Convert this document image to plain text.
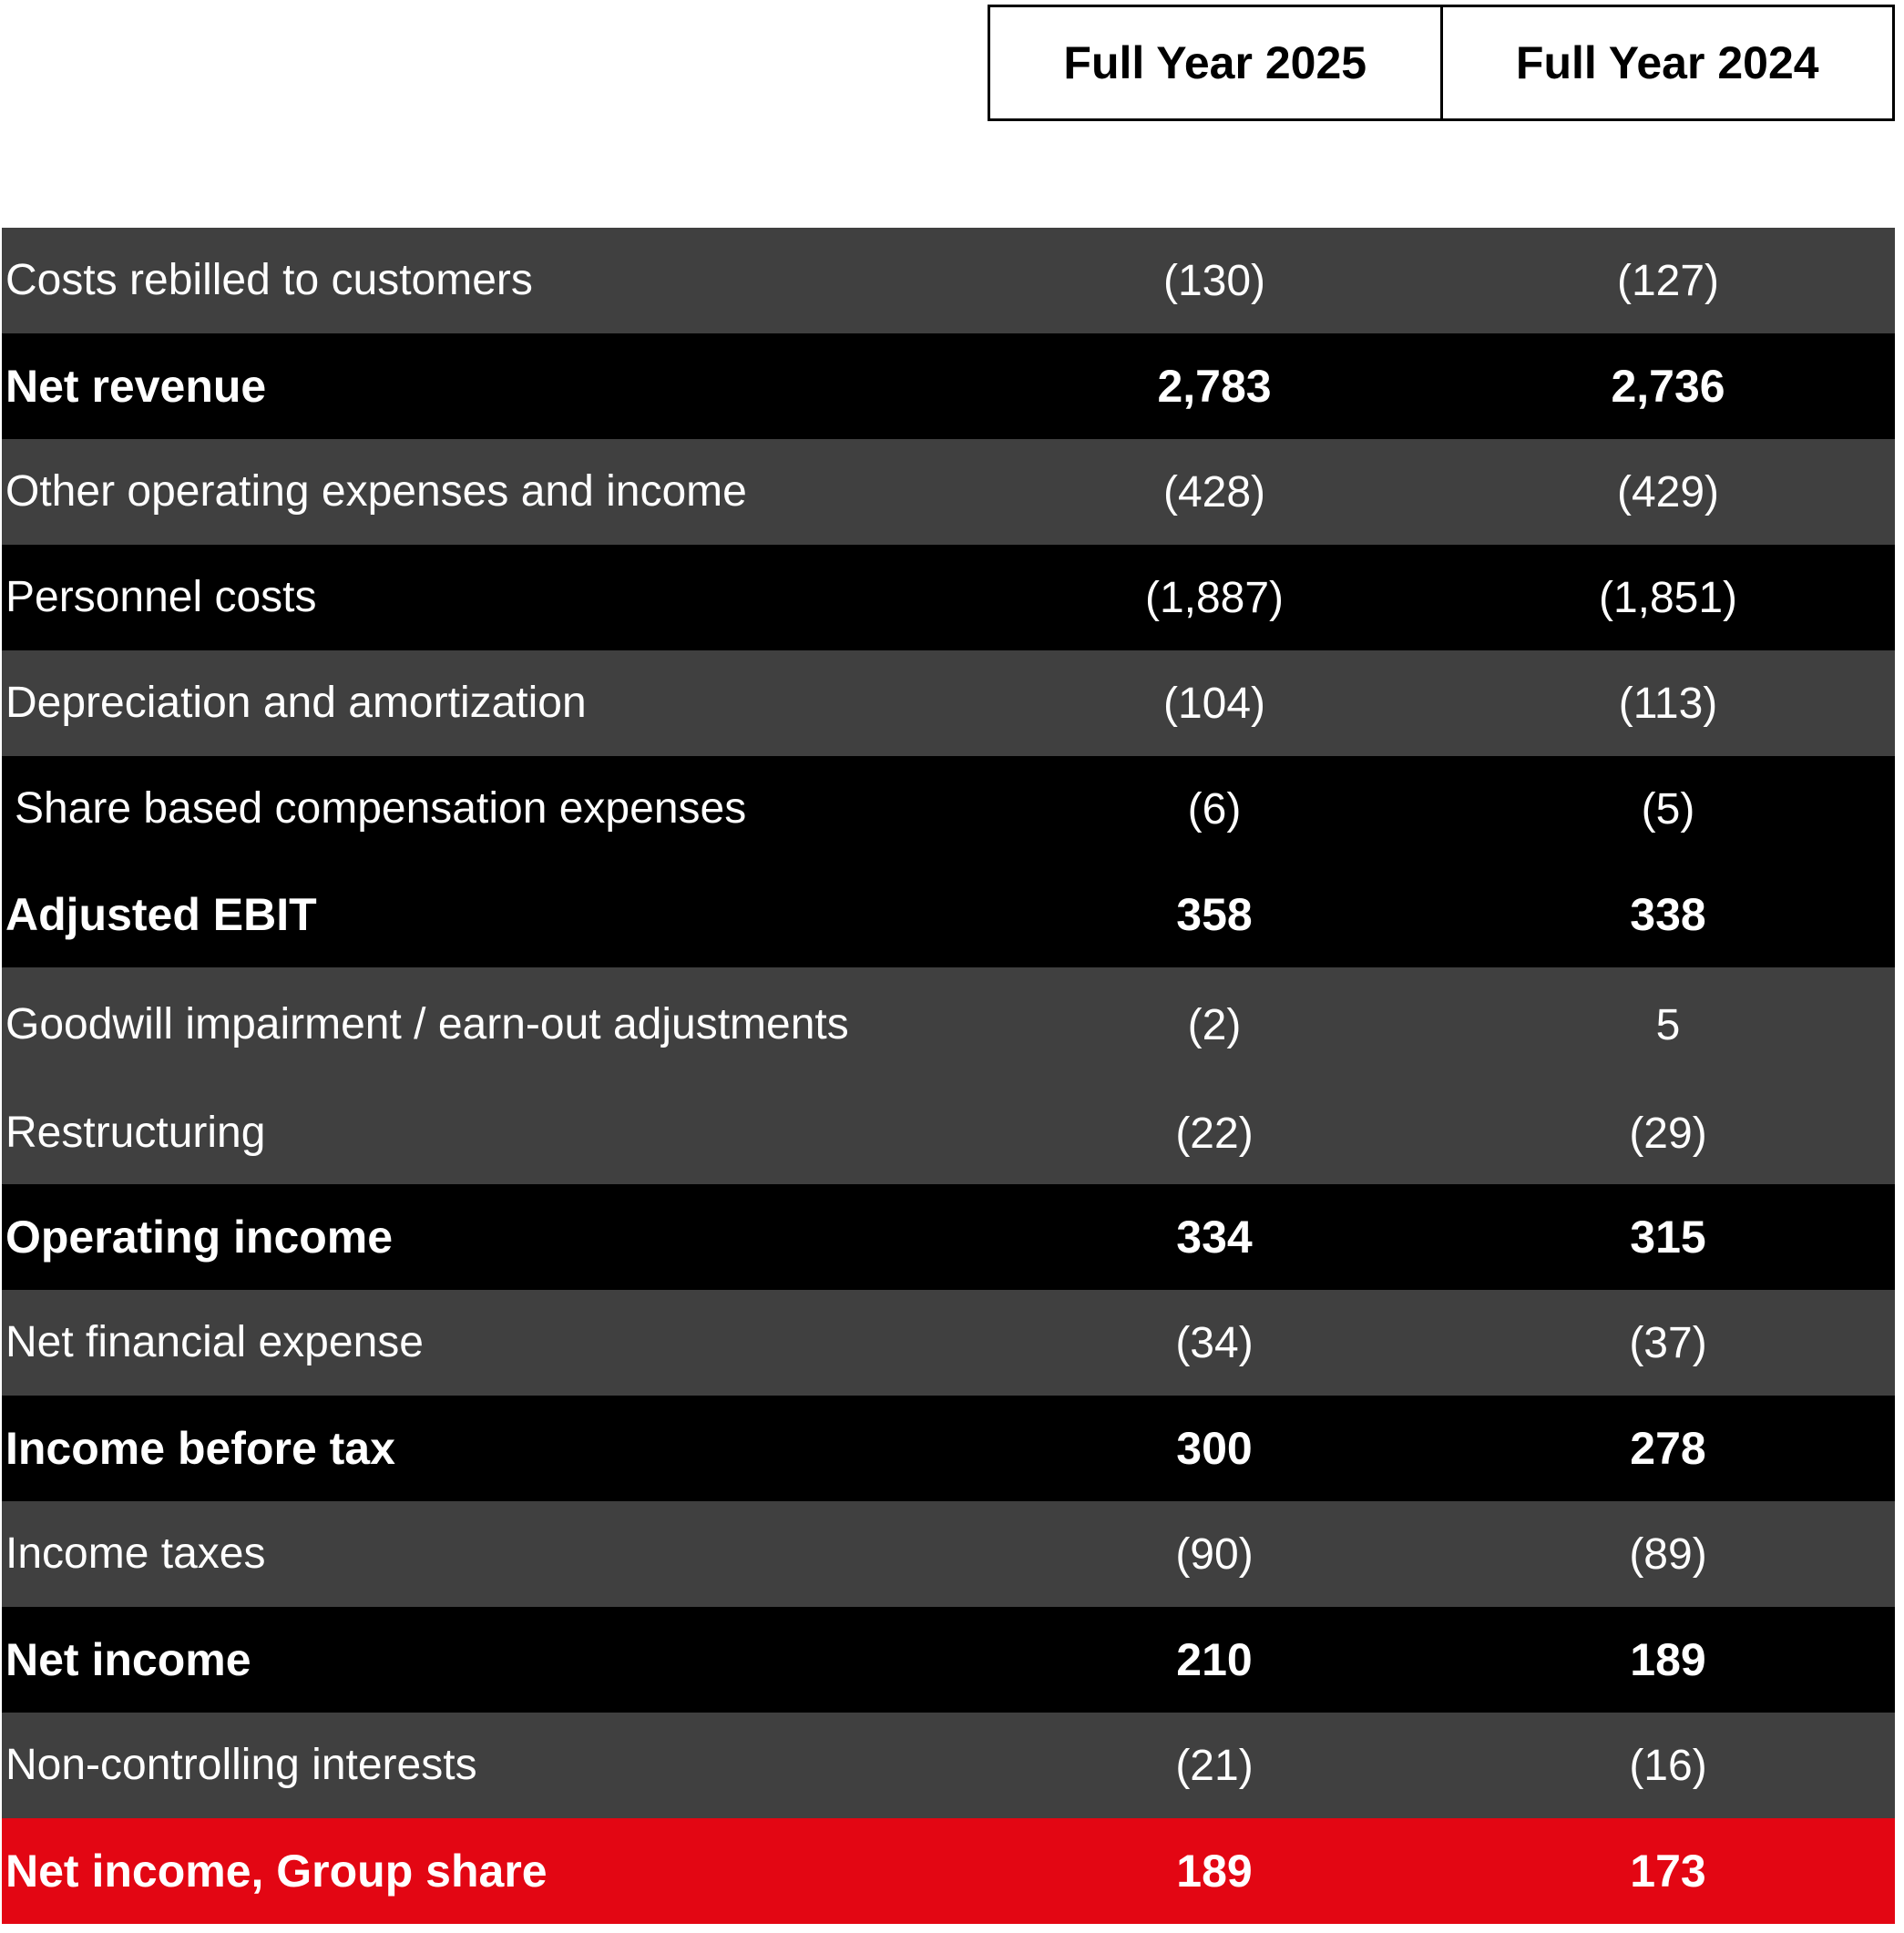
Full Year 2025	Full Year 2024
Costs rebilled to customers	(130)	(127)
Net revenue	2,783	2,736
Other operating expenses and income	(428)	(429)
Personnel costs	(1,887)	(1,851)
Depreciation and amortization	(104)	(113)
Share based compensation expenses	(6)	(5)
Adjusted EBIT	358	338
Goodwill impairment / earn-out adjustments	(2)	5
Restructuring	(22)	(29)
Operating income	334	315
Net financial expense	(34)	(37)
Income before tax	300	278
Income taxes	(90)	(89)
Net income	210	189
Non-controlling interests	(21)	(16)
Net income, Group share	189	173
